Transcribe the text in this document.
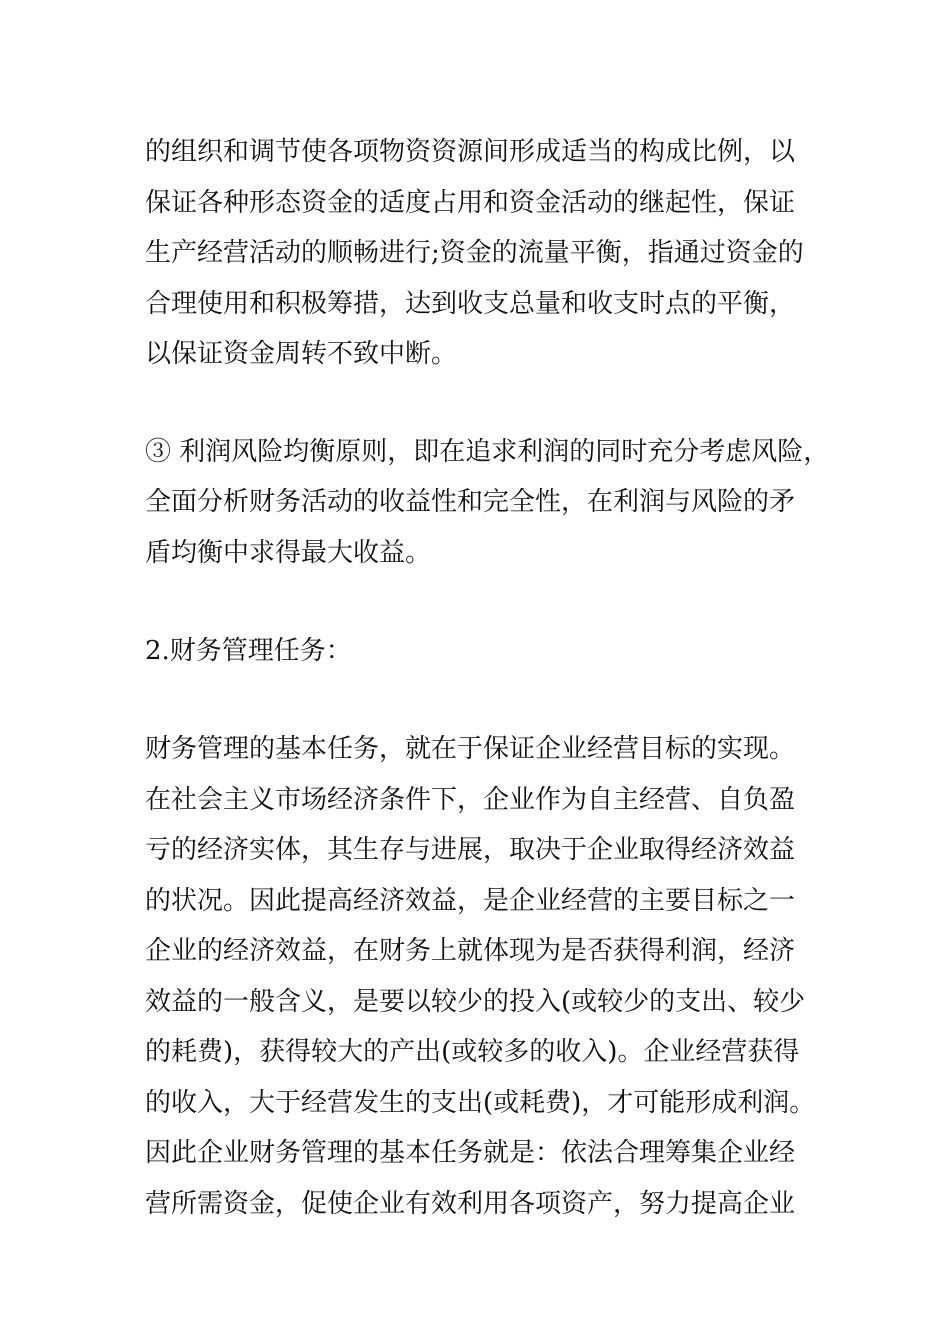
的组织和调节使各项物资资源间形成适当的构成比例，以
保证各种形态资金的适度占用和资金活动的继起性，保证
生产经营活动的顺畅进行;资金的流量平衡，指通过资金的
合理使用和积极筹措，达到收支总量和收支时点的平衡，
以保证资金周转不致中断。
③ 利润风险均衡原则，即在追求利润的同时充分考虑风险，
全面分析财务活动的收益性和完全性，在利润与风险的矛
盾均衡中求得最大收益。
2.财务管理任务：
财务管理的基本任务，就在于保证企业经营目标的实现。
在社会主义市场经济条件下，企业作为自主经营、自负盈
亏的经济实体，其生存与进展，取决于企业取得经济效益
的状况。因此提高经济效益，是企业经营的主要目标之一
企业的经济效益，在财务上就体现为是否获得利润，经济
效益的一般含义，是要以较少的投入(或较少的支出、较少
的耗费)，获得较大的产出(或较多的收入)。企业经营获得
的收入，大于经营发生的支出(或耗费)，才可能形成利润。
因此企业财务管理的基本任务就是：依法合理筹集企业经
营所需资金，促使企业有效利用各项资产，努力提高企业
